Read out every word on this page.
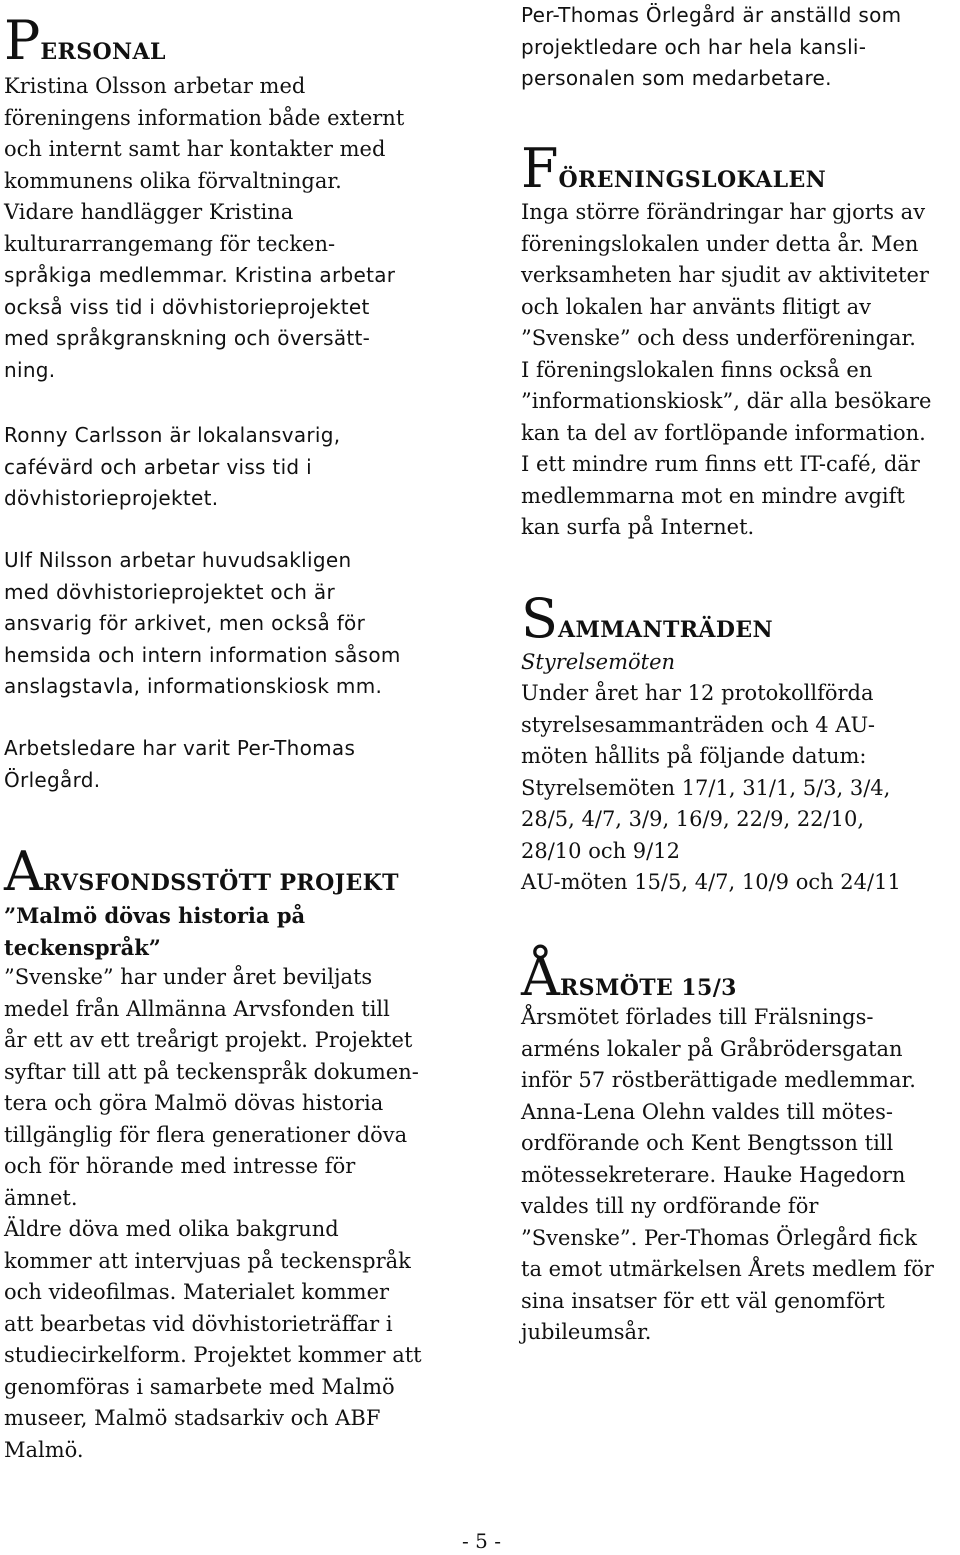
PERSONAL
Kristina Olsson arbetar med
föreningens information både externt
och internt samt har kontakter med
kommunens olika förvaltningar.
Vidare handlägger Kristina
kulturarrangemang för tecken-
språkiga medlemmar. Kristina arbetar
också viss tid i dövhistorieprojektet
med språkgranskning och översätt-
ning.
Ronny Carlsson är lokalansvarig,
cafévärd och arbetar viss tid i
dövhistorieprojektet.
Ulf Nilsson arbetar huvudsakligen
med dövhistorieprojektet och är
ansvarig för arkivet, men också för
hemsida och intern information såsom
anslagstavla, informationskiosk mm.
Arbetsledare har varit Per-Thomas
Örlegård.
ARVSFONDSSTÖTT PROJEKT
”Malmö dövas historia på
teckenspråk”
”Svenske” har under året beviljats
medel från Allmänna Arvsfonden till
år ett av ett treårigt projekt. Projektet
syftar till att på teckenspråk dokumen-
tera och göra Malmö dövas historia
tillgänglig för flera generationer döva
och för hörande med intresse för
ämnet.
Äldre döva med olika bakgrund
kommer att intervjuas på teckenspråk
och videofilmas. Materialet kommer
att bearbetas vid dövhistorieträffar i
studiecirkelform. Projektet kommer att
genomföras i samarbete med Malmö
museer, Malmö stadsarkiv och ABF
Malmö.
Per-Thomas Örlegård är anställd som
projektledare och har hela kansli-
personalen som medarbetare.
FÖRENINGSLOKALEN
Inga större förändringar har gjorts av
föreningslokalen under detta år. Men
verksamheten har sjudit av aktiviteter
och lokalen har använts flitigt av
”Svenske” och dess underföreningar.
I föreningslokalen finns också en
”informationskiosk”, där alla besökare
kan ta del av fortlöpande information.
I ett mindre rum finns ett IT-café, där
medlemmarna mot en mindre avgift
kan surfa på Internet.
SAMMANTRÄDEN
Styrelsemöten
Under året har 12 protokollförda
styrelsesammanträden och 4 AU-
möten hållits på följande datum:
Styrelsemöten 17/1, 31/1, 5/3, 3/4,
28/5, 4/7, 3/9, 16/9, 22/9, 22/10,
28/10 och 9/12
AU-möten 15/5, 4/7, 10/9 och 24/11
ÅRSMÖTE 15/3
Årsmötet förlades till Frälsnings-
arméns lokaler på Gråbrödersgatan
inför 57 röstberättigade medlemmar.
Anna-Lena Olehn valdes till mötes-
ordförande och Kent Bengtsson till
mötessekreterare. Hauke Hagedorn
valdes till ny ordförande för
”Svenske”. Per-Thomas Örlegård fick
ta emot utmärkelsen Årets medlem för
sina insatser för ett väl genomfört
jubileumsår.
- 5 -
